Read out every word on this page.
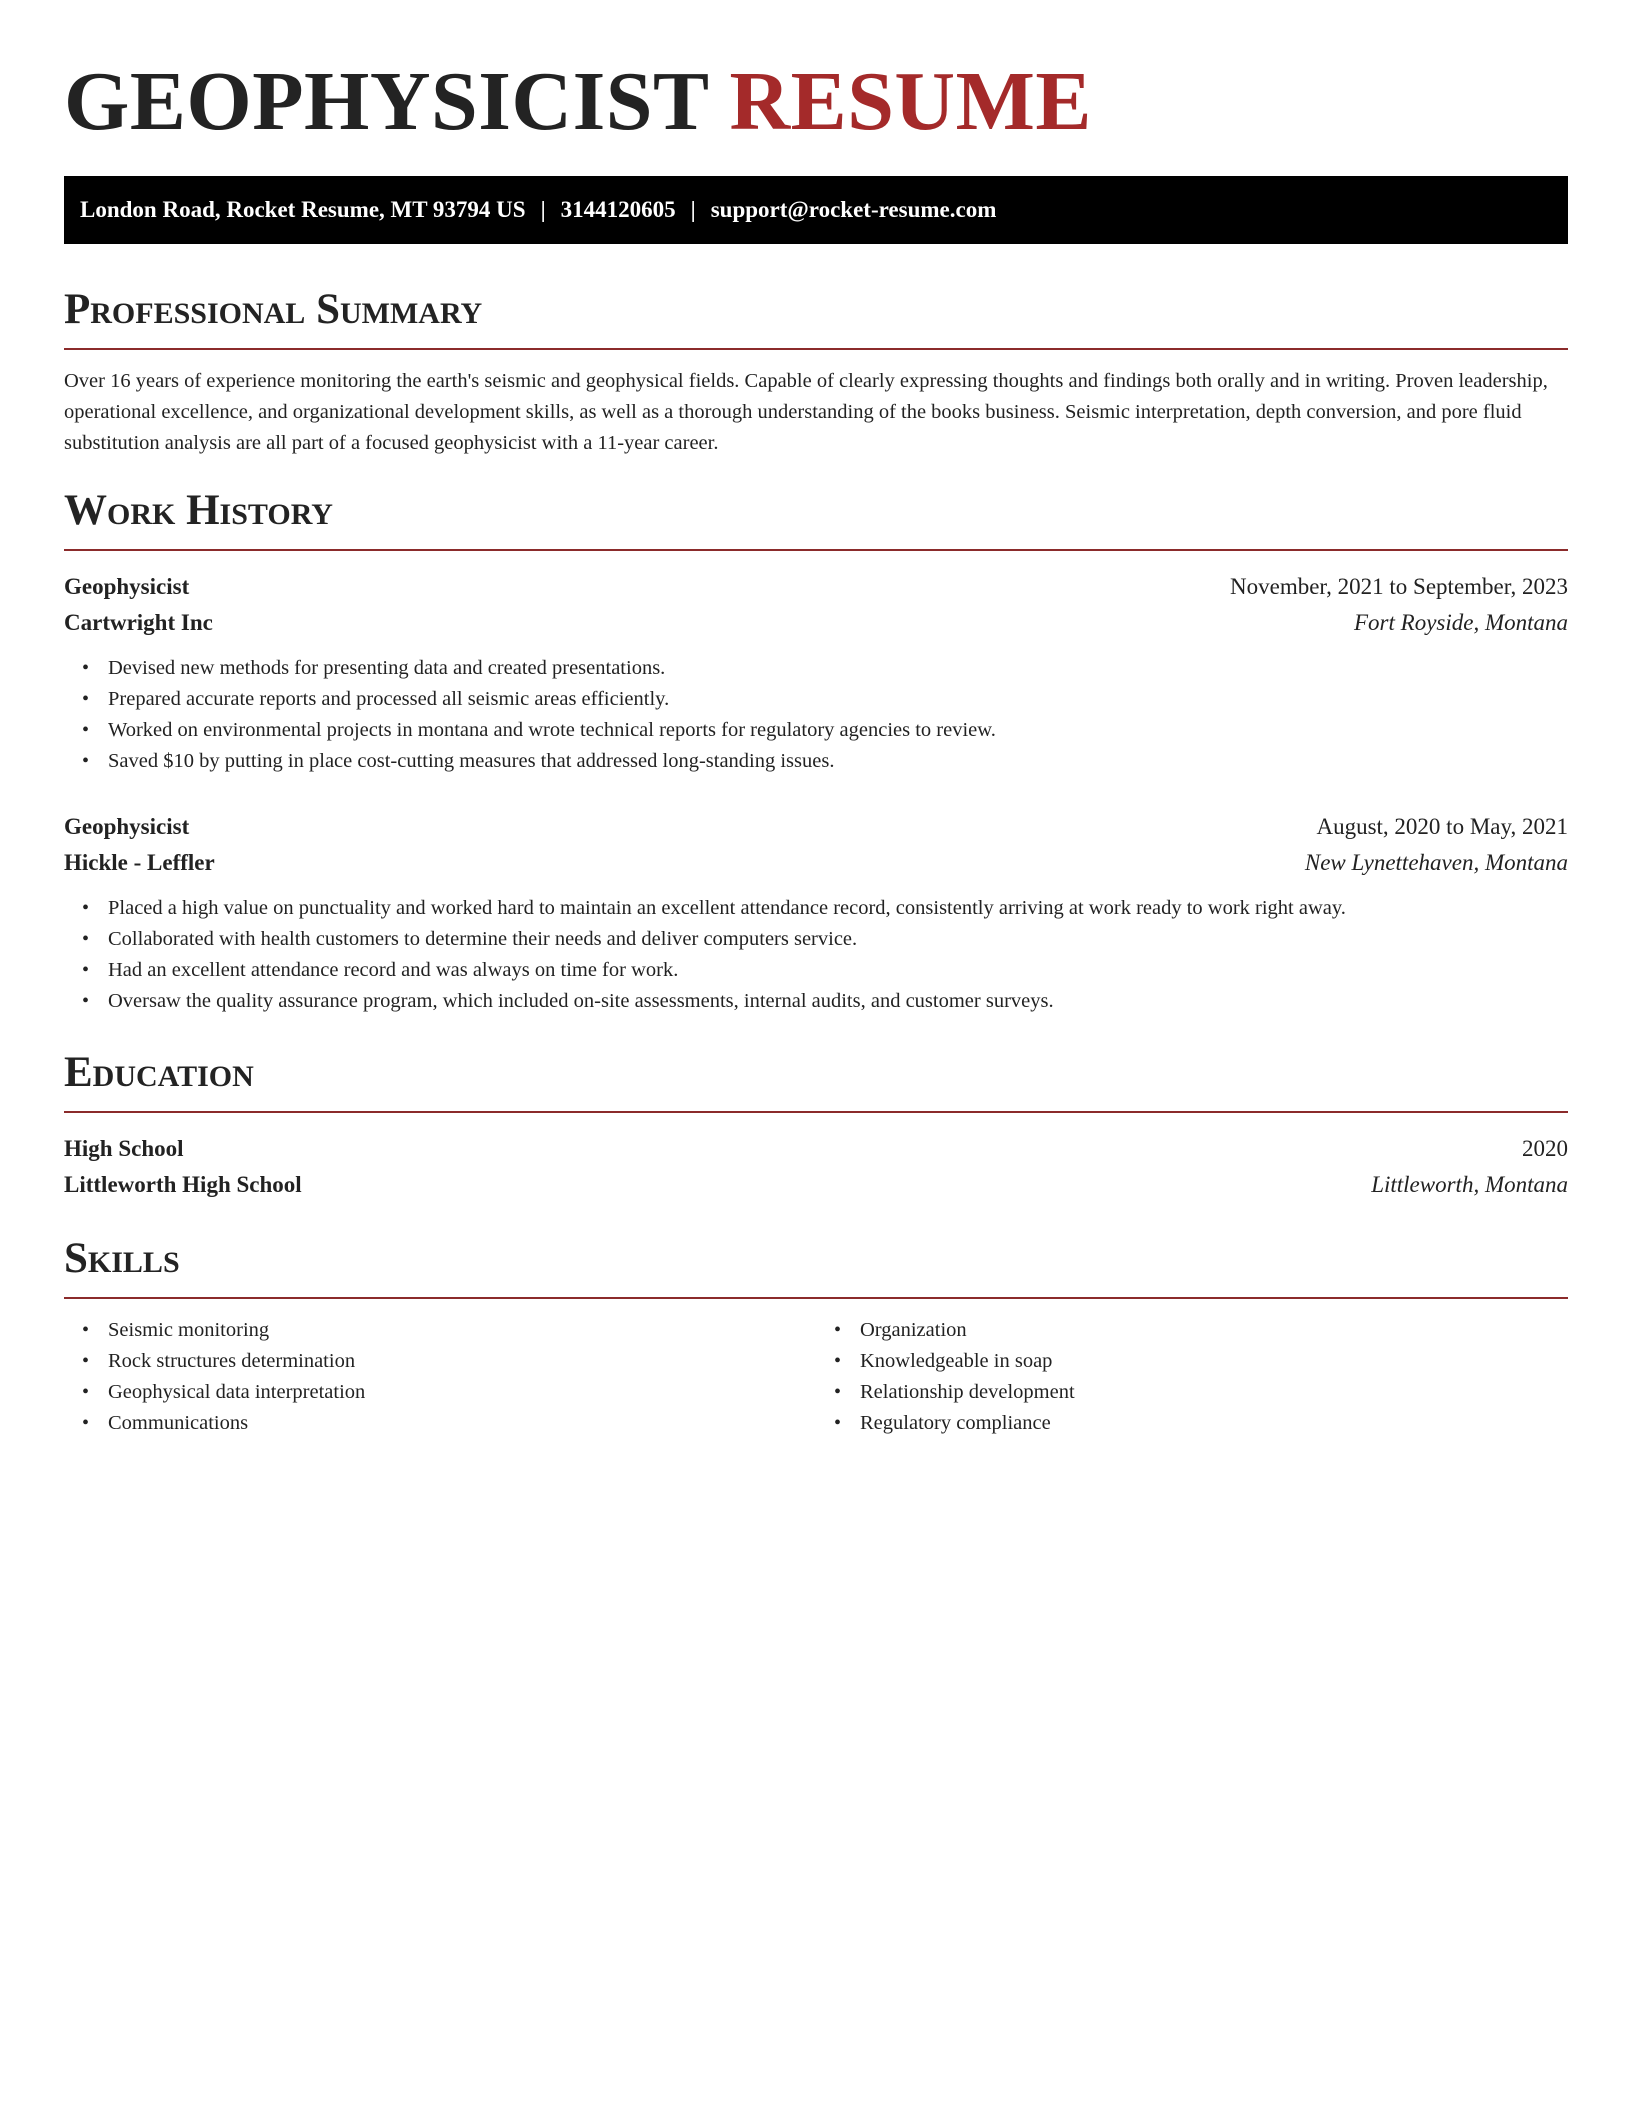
GEOPHYSICIST RESUME
London Road, Rocket Resume, MT 93794 US | 3144120605 | support@rocket-resume.com
Professional Summary

Over 16 years of experience monitoring the earth's seismic and geophysical fields. Capable of clearly expressing thoughts and findings both orally and in writing. Proven leadership, operational excellence, and organizational development skills, as well as a thorough understanding of the books business. Seismic interpretation, depth conversion, and pore fluid substitution analysis are all part of a focused geophysicist with a 11-year career.

Work History
Geophysicist	November, 2021 to September, 2023
Cartwright Inc	Fort Royside, Montana
• Devised new methods for presenting data and created presentations.
• Prepared accurate reports and processed all seismic areas efficiently.
• Worked on environmental projects in montana and wrote technical reports for regulatory agencies to review.
• Saved $10 by putting in place cost-cutting measures that addressed long-standing issues.
Geophysicist	August, 2020 to May, 2021
Hickle - Leffler	New Lynettehaven, Montana
• Placed a high value on punctuality and worked hard to maintain an excellent attendance record, consistently arriving at work ready to work right away.
• Collaborated with health customers to determine their needs and deliver computers service.
• Had an excellent attendance record and was always on time for work.
• Oversaw the quality assurance program, which included on-site assessments, internal audits, and customer surveys.
Education
High School	2020
Littleworth High School	Littleworth, Montana
Skills
• Seismic monitoring
• Rock structures determination
• Geophysical data interpretation
• Communications
• Organization
• Knowledgeable in soap
• Relationship development
• Regulatory compliance
